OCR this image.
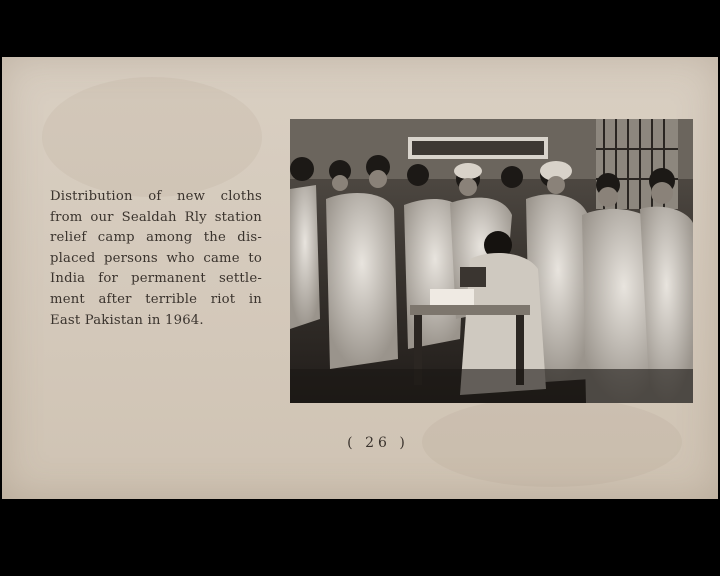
Distribution of new cloths
from our Sealdah Rly station
relief camp among the dis-
placed persons who came to
India for permanent settle-
ment after terrible riot in
East Pakistan in 1964.
( 26 )
